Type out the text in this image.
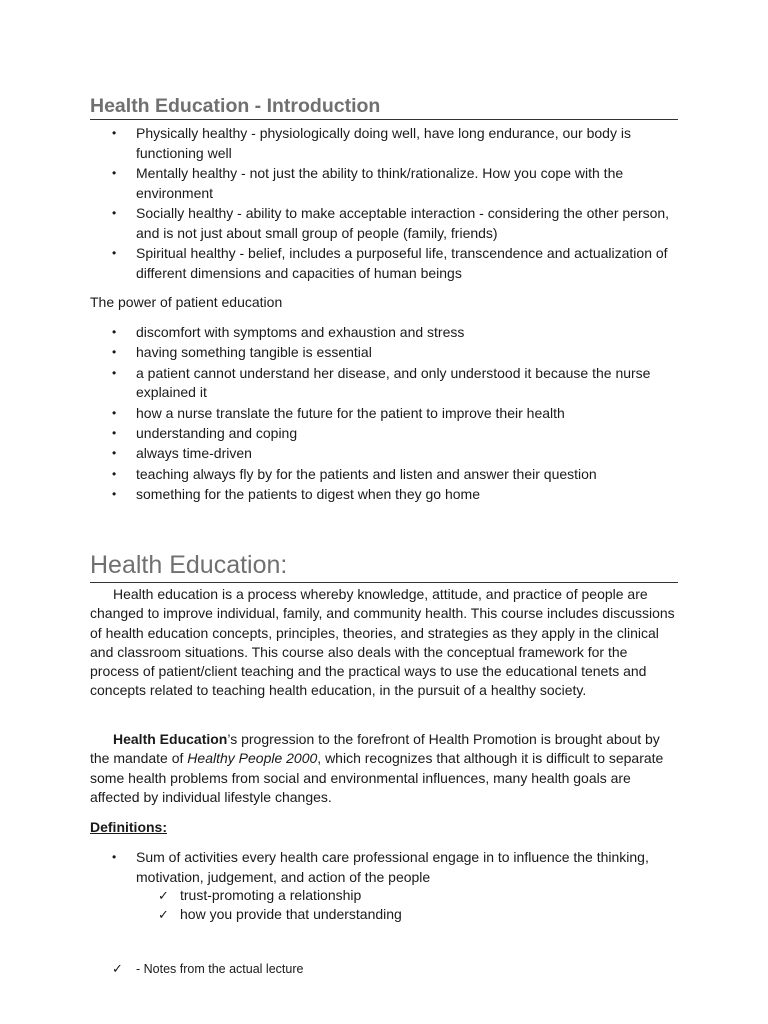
Health Education - Introduction
• Physically healthy - physiologically doing well, have long endurance, our body is functioning well
• Mentally healthy - not just the ability to think/rationalize. How you cope with the environment
• Socially healthy - ability to make acceptable interaction - considering the other person, and is not just about small group of people (family, friends)
• Spiritual healthy - belief, includes a purposeful life, transcendence and actualization of different dimensions and capacities of human beings
The power of patient education
• discomfort with symptoms and exhaustion and stress
• having something tangible is essential
• a patient cannot understand her disease, and only understood it because the nurse explained it
• how a nurse translate the future for the patient to improve their health
• understanding and coping
• always time-driven
• teaching always fly by for the patients and listen and answer their question
• something for the patients to digest when they go home
Health Education:

Health education is a process whereby knowledge, attitude, and practice of people are changed to improve individual, family, and community health. This course includes discussions of health education concepts, principles, theories, and strategies as they apply in the clinical and classroom situations. This course also deals with the conceptual framework for the process of patient/client teaching and the practical ways to use the educational tenets and concepts related to teaching health education, in the pursuit of a healthy society.

Health Education’s progression to the forefront of Health Promotion is brought about by the mandate of Healthy People 2000, which recognizes that although it is difficult to separate some health problems from social and environmental influences, many health goals are affected by individual lifestyle changes.

Definitions:
• Sum of activities every health care professional engage in to influence the thinking, motivation, judgement, and action of the people
✓ trust-promoting a relationship
✓ how you provide that understanding
✓ - Notes from the actual lecture
